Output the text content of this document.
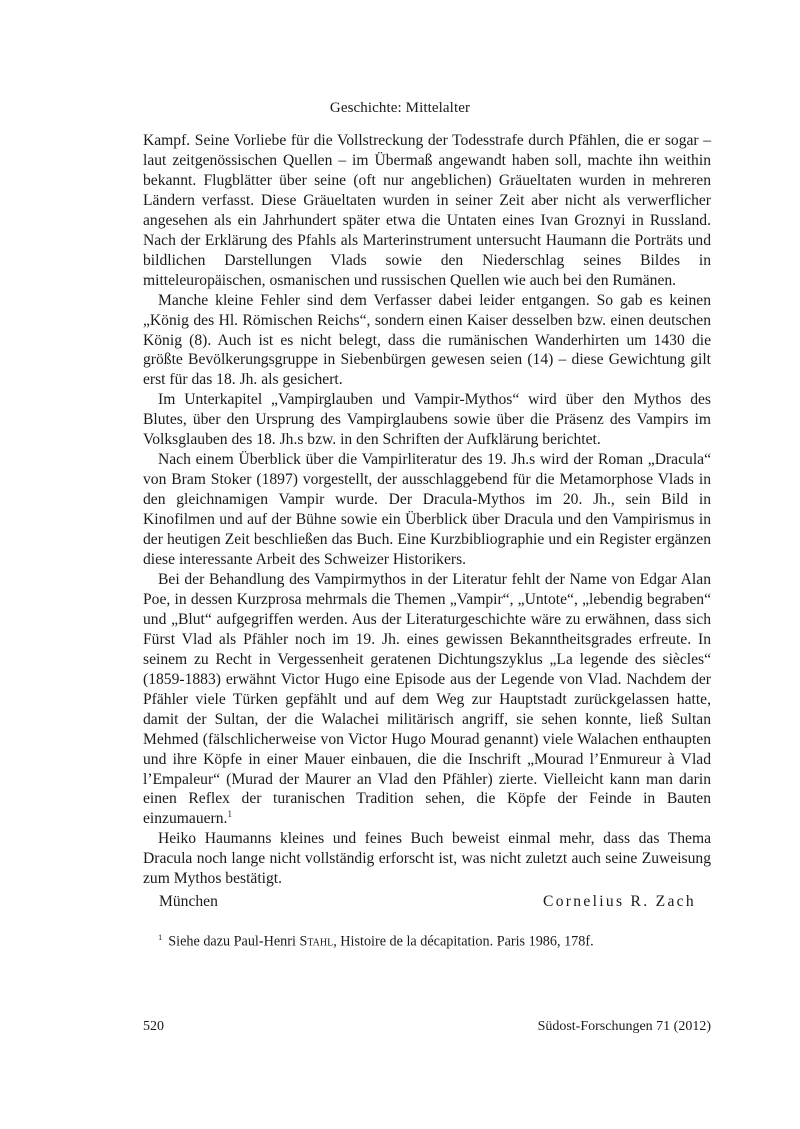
Geschichte: Mittelalter

Kampf. Seine Vorliebe für die Vollstreckung der Todesstrafe durch Pfählen, die er sogar – laut zeitgenössischen Quellen – im Übermaß angewandt haben soll, machte ihn weithin bekannt. Flugblätter über seine (oft nur angeblichen) Gräueltaten wurden in mehreren Ländern verfasst. Diese Gräueltaten wurden in seiner Zeit aber nicht als verwerflicher angesehen als ein Jahrhundert später etwa die Untaten eines Ivan Groznyi in Russland. Nach der Erklärung des Pfahls als Marterinstrument untersucht Haumann die Porträts und bildlichen Darstellungen Vlads sowie den Niederschlag seines Bildes in mitteleuropäischen, osmanischen und russischen Quellen wie auch bei den Rumänen.

Manche kleine Fehler sind dem Verfasser dabei leider entgangen. So gab es keinen „König des Hl. Römischen Reichs“, sondern einen Kaiser desselben bzw. einen deutschen König (8). Auch ist es nicht belegt, dass die rumänischen Wanderhirten um 1430 die größte Bevölkerungsgruppe in Siebenbürgen gewesen seien (14) – diese Gewichtung gilt erst für das 18. Jh. als gesichert.

Im Unterkapitel „Vampirglauben und Vampir-Mythos“ wird über den Mythos des Blutes, über den Ursprung des Vampirglaubens sowie über die Präsenz des Vampirs im Volksglauben des 18. Jh.s bzw. in den Schriften der Aufklärung berichtet.

Nach einem Überblick über die Vampirliteratur des 19. Jh.s wird der Roman „Dracula“ von Bram Stoker (1897) vorgestellt, der ausschlaggebend für die Metamorphose Vlads in den gleichnamigen Vampir wurde. Der Dracula-Mythos im 20. Jh., sein Bild in Kinofilmen und auf der Bühne sowie ein Überblick über Dracula und den Vampirismus in der heutigen Zeit beschließen das Buch. Eine Kurzbibliographie und ein Register ergänzen diese interessante Arbeit des Schweizer Historikers.

Bei der Behandlung des Vampirmythos in der Literatur fehlt der Name von Edgar Alan Poe, in dessen Kurzprosa mehrmals die Themen „Vampir“, „Untote“, „lebendig begraben“ und „Blut“ aufgegriffen werden. Aus der Literaturgeschichte wäre zu erwähnen, dass sich Fürst Vlad als Pfähler noch im 19. Jh. eines gewissen Bekanntheitsgrades erfreute. In seinem zu Recht in Vergessenheit geratenen Dichtungszyklus „La legende des siècles“ (1859-1883) erwähnt Victor Hugo eine Episode aus der Legende von Vlad. Nachdem der Pfähler viele Türken gepfählt und auf dem Weg zur Hauptstadt zurückgelassen hatte, damit der Sultan, der die Walachei militärisch angriff, sie sehen konnte, ließ Sultan Mehmed (fälschlicherweise von Victor Hugo Mourad genannt) viele Walachen enthaupten und ihre Köpfe in einer Mauer einbauen, die die Inschrift „Mourad l’Enmureur à Vlad l’Empaleur“ (Murad der Maurer an Vlad den Pfähler) zierte. Vielleicht kann man darin einen Reflex der turanischen Tradition sehen, die Köpfe der Feinde in Bauten einzumauern.$^1$

Heiko Haumanns kleines und feines Buch beweist einmal mehr, dass das Thema Dracula noch lange nicht vollständig erforscht ist, was nicht zuletzt auch seine Zuweisung zum Mythos bestätigt.

München	Cornelius R. Zach
$^1$ Siehe dazu Paul-Henri Stahl, Histoire de la décapitation. Paris 1986, 178f.
520	Südost-Forschungen 71 (2012)
